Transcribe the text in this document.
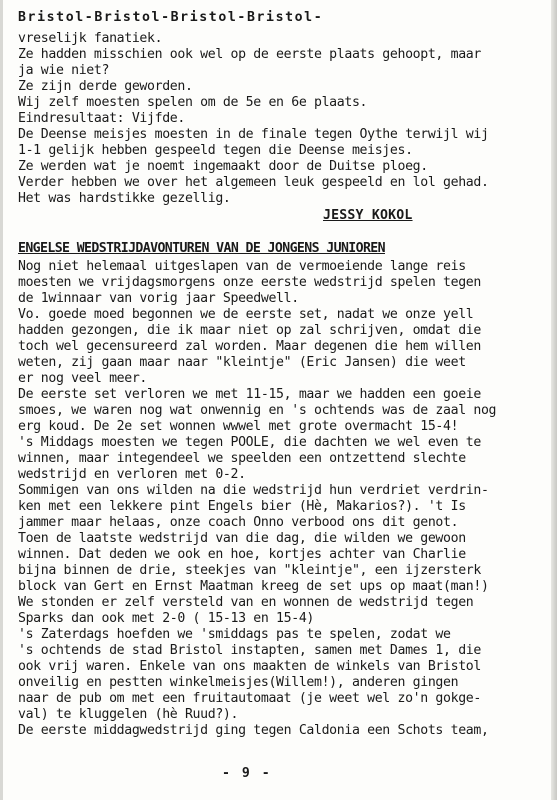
Bristol-Bristol-Bristol-Bristol-
vreselijk fanatiek.
Ze hadden misschien ook wel op de eerste plaats gehoopt, maar
ja wie niet?
Ze zijn derde geworden.
Wij zelf moesten spelen om de 5e en 6e plaats.
Eindresultaat: Vijfde.
De Deense meisjes moesten in de finale tegen Oythe terwijl wij
1-1 gelijk hebben gespeeld tegen die Deense meisjes.
Ze werden wat je noemt ingemaakt door de Duitse ploeg.
Verder hebben we over het algemeen leuk gespeeld en lol gehad.
Het was hardstikke gezellig.
JESSY KOKOL
ENGELSE WEDSTRIJDAVONTUREN VAN DE JONGENS JUNIOREN
Nog niet helemaal uitgeslapen van de vermoeiende lange reis
moesten we vrijdagsmorgens onze eerste wedstrijd spelen tegen
de 1winnaar van vorig jaar Speedwell.
Vo. goede moed begonnen we de eerste set, nadat we onze yell
hadden gezongen, die ik maar niet op zal schrijven, omdat die
toch wel gecensureerd zal worden. Maar degenen die hem willen
weten, zij gaan maar naar "kleintje" (Eric Jansen) die weet
er nog veel meer.
De eerste set verloren we met 11-15, maar we hadden een goeie
smoes, we waren nog wat onwennig en 's ochtends was de zaal nog
erg koud. De 2e set wonnen wwwel met grote overmacht 15-4!
's Middags moesten we tegen POOLE, die dachten we wel even te
winnen, maar integendeel we speelden een ontzettend slechte
wedstrijd en verloren met 0-2.
Sommigen van ons wilden na die wedstrijd hun verdriet verdrin-
ken met een lekkere pint Engels bier (Hè, Makarios?). 't Is
jammer maar helaas, onze coach Onno verbood ons dit genot.
Toen de laatste wedstrijd van die dag, die wilden we gewoon
winnen. Dat deden we ook en hoe, kortjes achter van Charlie
bijna binnen de drie, steekjes van "kleintje", een ijzersterk
block van Gert en Ernst Maatman kreeg de set ups op maat(man!)
We stonden er zelf versteld van en wonnen de wedstrijd tegen
Sparks dan ook met 2-0 ( 15-13 en 15-4)
's Zaterdags hoefden we 'smiddags pas te spelen, zodat we
's ochtends de stad Bristol instapten, samen met Dames 1, die
ook vrij waren. Enkele van ons maakten de winkels van Bristol
onveilig en pestten winkelmeisjes(Willem!), anderen gingen
naar de pub om met een fruitautomaat (je weet wel zo'n gokge-
val) te kluggelen (hè Ruud?).
De eerste middagwedstrijd ging tegen Caldonia een Schots team,
- 9 -
